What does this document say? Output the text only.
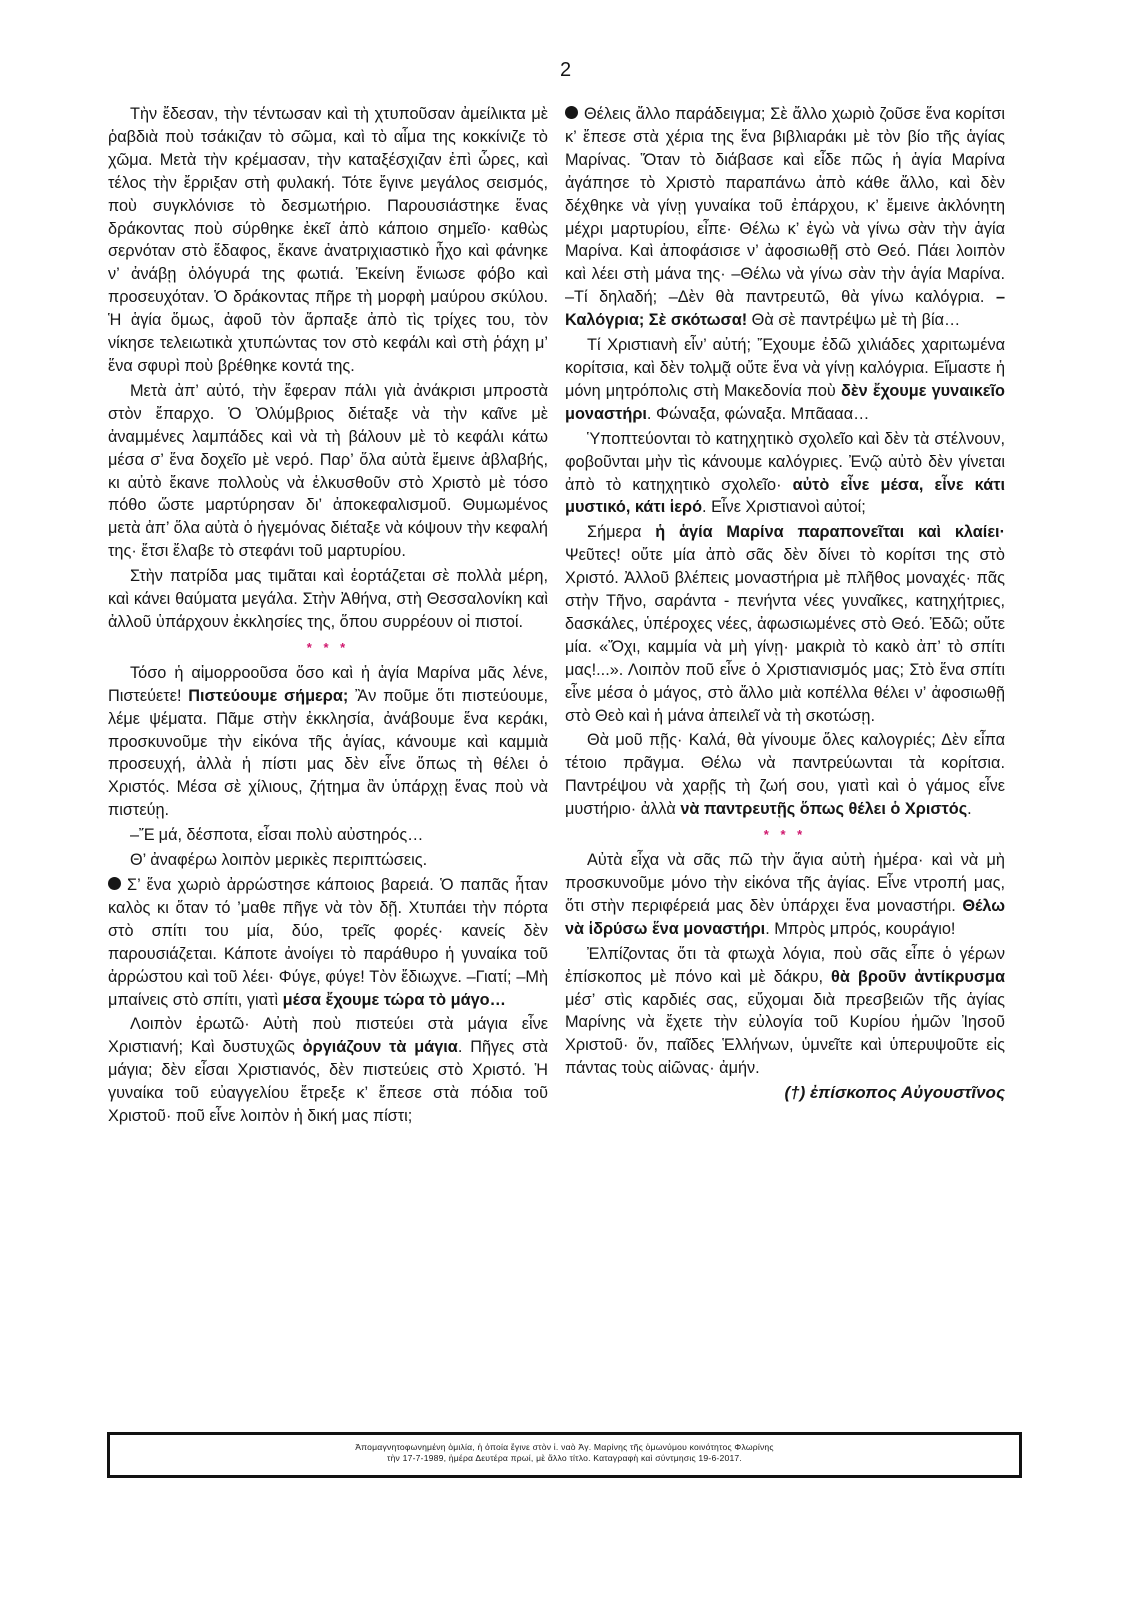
2

Τὴν ἔδεσαν, τὴν τέντωσαν καὶ τὴ χτυποῦσαν ἀμείλικτα μὲ ῥαβδιὰ ποὺ τσάκιζαν τὸ σῶμα, καὶ τὸ αἷμα της κοκκίνιζε τὸ χῶμα. Μετὰ τὴν κρέμασαν, τὴν καταξέσχιζαν ἐπὶ ὧρες, καὶ τέλος τὴν ἔρριξαν στὴ φυλακή. Τότε ἔγινε μεγάλος σεισμός, ποὺ συγκλόνισε τὸ δεσμωτήριο. Παρουσιάστηκε ἕνας δράκοντας ποὺ σύρθηκε ἐκεῖ ἀπὸ κάποιο σημεῖο· καθὼς σερνόταν στὸ ἔδαφος, ἔκανε ἀνατριχιαστικὸ ἦχο καὶ φάνηκε ν’ ἀνάβῃ ὁλόγυρά της φωτιά. Ἐκείνη ἔνιωσε φόβο καὶ προσευχόταν. Ὁ δράκοντας πῆρε τὴ μορφὴ μαύρου σκύλου. Ἡ ἁγία ὅμως, ἀφοῦ τὸν ἅρπαξε ἀπὸ τὶς τρίχες του, τὸν νίκησε τελειωτικὰ χτυπώντας τον στὸ κεφάλι καὶ στὴ ῥάχη μ’ ἕνα σφυρὶ ποὺ βρέθηκε κοντά της.

Μετὰ ἀπ’ αὐτό, τὴν ἔφεραν πάλι γιὰ ἀνάκρισι μπροστὰ στὸν ἔπαρχο. Ὁ Ὀλύμβριος διέταξε νὰ τὴν καῖνε μὲ ἀναμμένες λαμπάδες καὶ νὰ τὴ βάλουν μὲ τὸ κεφάλι κάτω μέσα σ’ ἕνα δοχεῖο μὲ νερό. Παρ’ ὅλα αὐτὰ ἔμεινε ἀβλαβής, κι αὐτὸ ἔκανε πολλοὺς νὰ ἑλκυσθοῦν στὸ Χριστὸ μὲ τόσο πόθο ὥστε μαρτύρησαν δι’ ἀποκεφαλισμοῦ. Θυμωμένος μετὰ ἀπ’ ὅλα αὐτὰ ὁ ἡγεμόνας διέταξε νὰ κόψουν τὴν κεφαλή της· ἔτσι ἔλαβε τὸ στεφάνι τοῦ μαρτυρίου.

Στὴν πατρίδα μας τιμᾶται καὶ ἑορτάζεται σὲ πολλὰ μέρη, καὶ κάνει θαύματα μεγάλα. Στὴν Ἀθήνα, στὴ Θεσσαλονίκη καὶ ἀλλοῦ ὑπάρχουν ἐκκλησίες της, ὅπου συρρέουν οἱ πιστοί.

* * *

Τόσο ἡ αἱμορροοῦσα ὅσο καὶ ἡ ἁγία Μαρίνα μᾶς λένε, Πιστεύετε! Πιστεύουμε σήμερα; Ἂν ποῦμε ὅτι πιστεύουμε, λέμε ψέματα. Πᾶμε στὴν ἐκκλησία, ἀνάβουμε ἕνα κεράκι, προσκυνοῦμε τὴν εἰκόνα τῆς ἁγίας, κάνουμε καὶ καμμιὰ προσευχή, ἀλλὰ ἡ πίστι μας δὲν εἶνε ὅπως τὴ θέλει ὁ Χριστός. Μέσα σὲ χίλιους, ζήτημα ἂν ὑπάρχῃ ἕνας ποὺ νὰ πιστεύῃ.

–Ἔ μά, δέσποτα, εἶσαι πολὺ αὐστηρός…

Θ’ ἀναφέρω λοιπὸν μερικὲς περιπτώσεις.

Σ’ ἕνα χωριὸ ἀρρώστησε κάποιος βαρειά. Ὁ παπᾶς ἦταν καλὸς κι ὅταν τό ’μαθε πῆγε νὰ τὸν δῇ. Χτυπάει τὴν πόρτα στὸ σπίτι του μία, δύο, τρεῖς φορές· κανείς δὲν παρουσιάζεται. Κάποτε ἀνοίγει τὸ παράθυρο ἡ γυναίκα τοῦ ἀρρώστου καὶ τοῦ λέει· Φύγε, φύγε! Τὸν ἔδιωχνε. –Γιατί; –Μὴ μπαίνεις στὸ σπίτι, γιατὶ μέσα ἔχουμε τώρα τὸ μάγο…

Λοιπὸν ἐρωτῶ· Αὐτὴ ποὺ πιστεύει στὰ μάγια εἶνε Χριστιανή; Καὶ δυστυχῶς ὀργιάζουν τὰ μάγια. Πῆγες στὰ μάγια; δὲν εἶσαι Χριστιανός, δὲν πιστεύεις στὸ Χριστό. Ἡ γυναίκα τοῦ εὐαγγελίου ἔτρεξε κ’ ἔπεσε στὰ πόδια τοῦ Χριστοῦ· ποῦ εἶνε λοιπὸν ἡ δική μας πίστι;

Θέλεις ἄλλο παράδειγμα; Σὲ ἄλλο χωριὸ ζοῦσε ἕνα κορίτσι κ’ ἔπεσε στὰ χέρια της ἕνα βιβλιαράκι μὲ τὸν βίο τῆς ἁγίας Μαρίνας. Ὅταν τὸ διάβασε καὶ εἶδε πῶς ἡ ἁγία Μαρίνα ἀγάπησε τὸ Χριστὸ παραπάνω ἀπὸ κάθε ἄλλο, καὶ δὲν δέχθηκε νὰ γίνῃ γυναίκα τοῦ ἐπάρχου, κ’ ἔμεινε ἀκλόνητη μέχρι μαρτυρίου, εἶπε· Θέλω κ’ ἐγὼ νὰ γίνω σὰν τὴν ἁγία Μαρίνα. Καὶ ἀποφάσισε ν’ ἀφοσιωθῇ στὸ Θεό. Πάει λοιπὸν καὶ λέει στὴ μάνα της· –Θέλω νὰ γίνω σὰν τὴν ἁγία Μαρίνα. –Τί δηλαδή; –Δὲν θὰ παντρευτῶ, θὰ γίνω καλόγρια. –Καλόγρια; Σὲ σκότωσα! Θὰ σὲ παντρέψω μὲ τὴ βία…

Τί Χριστιανὴ εἶν’ αὐτή; Ἔχουμε ἐδῶ χιλιάδες χαριτωμένα κορίτσια, καὶ δὲν τολμᾷ οὔτε ἕνα νὰ γίνῃ καλόγρια. Εἴμαστε ἡ μόνη μητρόπολις στὴ Μακεδονία ποὺ δὲν ἔχουμε γυναικεῖο μοναστήρι. Φώναξα, φώναξα. Μπᾶααα…

Ὑποπτεύονται τὸ κατηχητικὸ σχολεῖο καὶ δὲν τὰ στέλνουν, φοβοῦνται μὴν τὶς κάνουμε καλόγριες. Ἐνῷ αὐτὸ δὲν γίνεται ἀπὸ τὸ κατηχητικὸ σχολεῖο· αὐτὸ εἶνε μέσα, εἶνε κάτι μυστικό, κάτι ἱερό. Εἶνε Χριστιανοὶ αὐτοί;

Σήμερα ἡ ἁγία Μαρίνα παραπονεῖται καὶ κλαίει· Ψεῦτες! οὔτε μία ἀπὸ σᾶς δὲν δίνει τὸ κορίτσι της στὸ Χριστό. Ἀλλοῦ βλέπεις μοναστήρια μὲ πλῆθος μοναχές· πᾶς στὴν Τῆνο, σαράντα - πενήντα νέες γυναῖκες, κατηχήτριες, δασκάλες, ὑπέροχες νέες, ἀφωσιωμένες στὸ Θεό. Ἐδῶ; οὔτε μία. «Ὄχι, καμμία νὰ μὴ γίνῃ· μακριὰ τὸ κακὸ ἀπ’ τὸ σπίτι μας!...». Λοιπὸν ποῦ εἶνε ὁ Χριστιανισμός μας; Στὸ ἕνα σπίτι εἶνε μέσα ὁ μάγος, στὸ ἄλλο μιὰ κοπέλλα θέλει ν’ ἀφοσιωθῇ στὸ Θεὸ καὶ ἡ μάνα ἀπειλεῖ νὰ τὴ σκοτώσῃ.

Θὰ μοῦ πῇς· Καλά, θὰ γίνουμε ὅλες καλογριές; Δὲν εἶπα τέτοιο πρᾶγμα. Θέλω νὰ παντρεύωνται τὰ κορίτσια. Παντρέψου νὰ χαρῇς τὴ ζωή σου, γιατὶ καὶ ὁ γάμος εἶνε μυστήριο· ἀλλὰ νὰ παντρευτῇς ὅπως θέλει ὁ Χριστός.

* * *

Αὐτὰ εἶχα νὰ σᾶς πῶ τὴν ἅγια αὐτὴ ἡμέρα· καὶ νὰ μὴ προσκυνοῦμε μόνο τὴν εἰκόνα τῆς ἁγίας. Εἶνε ντροπή μας, ὅτι στὴν περιφέρειά μας δὲν ὑπάρχει ἕνα μοναστήρι. Θέλω νὰ ἱδρύσω ἕνα μοναστήρι. Μπρὸς μπρός, κουράγιο!

Ἐλπίζοντας ὅτι τὰ φτωχὰ λόγια, ποὺ σᾶς εἶπε ὁ γέρων ἐπίσκοπος μὲ πόνο καὶ μὲ δάκρυ, θὰ βροῦν ἀντίκρυσμα μέσ’ στὶς καρδιές σας, εὔχομαι διὰ πρεσβειῶν τῆς ἁγίας Μαρίνης νὰ ἔχετε τὴν εὐλογία τοῦ Κυρίου ἡμῶν Ἰησοῦ Χριστοῦ· ὅν, παῖδες Ἑλλήνων, ὑμνεῖτε καὶ ὑπερυψοῦτε εἰς πάντας τοὺς αἰῶνας· ἀμήν.

(†) ἐπίσκοπος Αὐγουστῖνος

Ἀπομαγνητοφωνημένη ὁμιλία, ἡ ὁποία ἔγινε στὸν ἱ. ναὸ Ἁγ. Μαρίνης τῆς ὁμωνύμου κοινότητος Φλωρίνης
τὴν 17-7-1989, ἡμέρα Δευτέρα πρωί, μὲ ἄλλο τίτλο. Καταγραφὴ καὶ σύντμησις 19-6-2017.
